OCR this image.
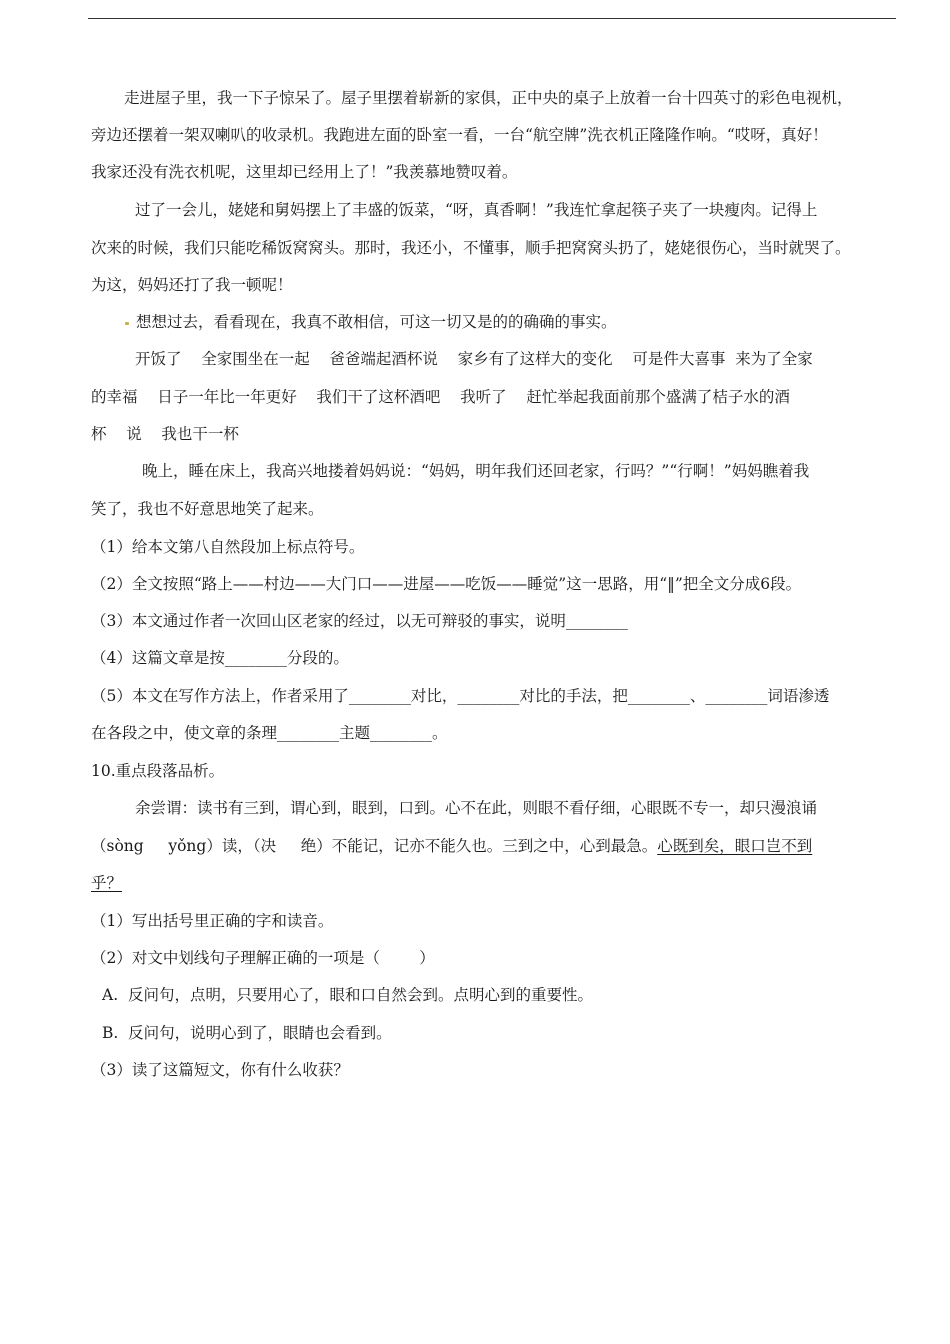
走进屋子里，我一下子惊呆了。屋子里摆着崭新的家俱，正中央的桌子上放着一台十四英寸的彩色电视机，
旁边还摆着一架双喇叭的收录机。我跑进左面的卧室一看，一台“航空牌”洗衣机正隆隆作响。“哎呀，真好！
我家还没有洗衣机呢，这里却已经用上了！”我羡慕地赞叹着。
过了一会儿，姥姥和舅妈摆上了丰盛的饭菜，“呀，真香啊！”我连忙拿起筷子夹了一块瘦肉。记得上
次来的时候，我们只能吃稀饭窝窝头。那时，我还小，不懂事，顺手把窝窝头扔了，姥姥很伤心，当时就哭了。
为这，妈妈还打了我一顿呢！
想想过去，看看现在，我真不敢相信，可这一切又是的的确确的事实。
开饭了    全家围坐在一起    爸爸端起酒杯说    家乡有了这样大的变化    可是件大喜事  来为了全家
的幸福    日子一年比一年更好    我们干了这杯酒吧    我听了    赶忙举起我面前那个盛满了桔子水的酒
杯    说    我也干一杯
晚上，睡在床上，我高兴地搂着妈妈说：“妈妈，明年我们还回老家，行吗？”“行啊！”妈妈瞧着我
笑了，我也不好意思地笑了起来。
（1）给本文第八自然段加上标点符号。
（2）全文按照“路上——村边——大门口——进屋——吃饭——睡觉”这一思路，用“‖”把全文分成6段。
（3）本文通过作者一次回山区老家的经过，以无可辩驳的事实，说明________
（4）这篇文章是按________分段的。
（5）本文在写作方法上，作者采用了________对比，________对比的手法，把________、________词语渗透
在各段之中，使文章的条理________主题________。
10.重点段落品析。
余尝谓：读书有三到，谓心到，眼到，口到。心不在此，则眼不看仔细，心眼既不专一，却只漫浪诵
（sòng     yǒng）读，（决     绝）不能记，记亦不能久也。三到之中，心到最急。心既到矣，眼口岂不到
乎？
（1）写出括号里正确的字和读音。
（2）对文中划线句子理解正确的一项是（        ）
A.  反问句，点明，只要用心了，眼和口自然会到。点明心到的重要性。
B.  反问句，说明心到了，眼睛也会看到。
（3）读了这篇短文，你有什么收获？
